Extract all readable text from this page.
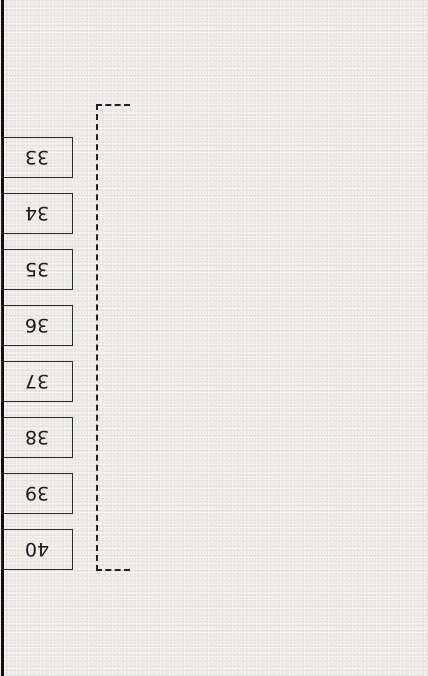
40
39
38
37
36
35
34
33
